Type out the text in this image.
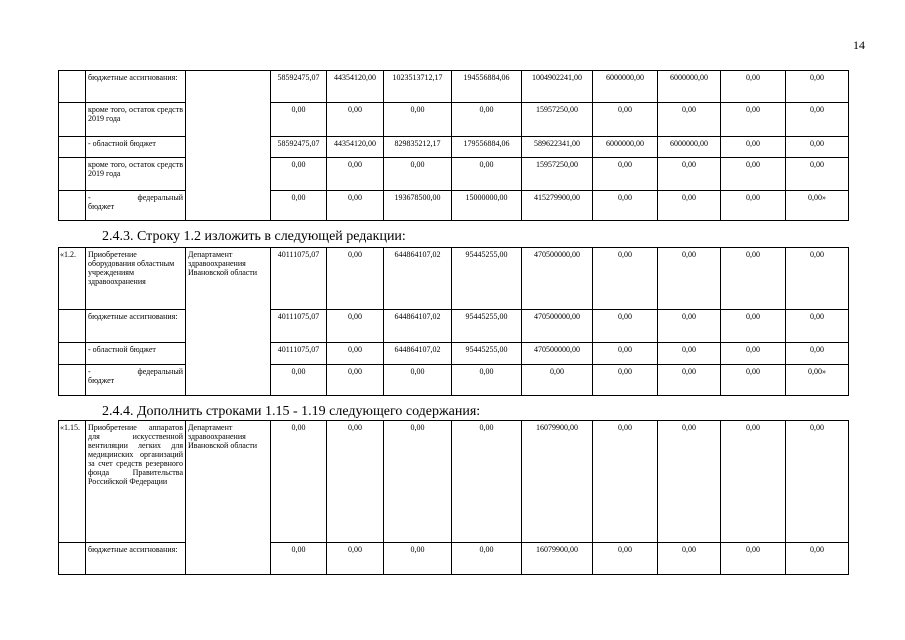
14
	бюджетные ассигнования:		58592475,07	44354120,00	1023513712,17	194556884,06	1004902241,00	6000000,00	6000000,00	0,00	0,00
	кроме того, остаток средств 2019 года		0,00	0,00	0,00	0,00	15957250,00	0,00	0,00	0,00	0,00
	- областной бюджет		58592475,07	44354120,00	829835212,17	179556884,06	589622341,00	6000000,00	6000000,00	0,00	0,00
	кроме того, остаток средств 2019 года		0,00	0,00	0,00	0,00	15957250,00	0,00	0,00	0,00	0,00

	- федеральный
бюджет		0,00	0,00	193678500,00	15000000,00	415279900,00	0,00	0,00	0,00	0,00»
2.4.3. Строку 1.2 изложить в следующей редакции:
«1.2.	Приобретение оборудования областным учреждениям здравоохранения	Департамент здравоохранения Ивановской области	40111075,07	0,00	644864107,02	95445255,00	470500000,00	0,00	0,00	0,00	0,00
	бюджетные ассигнования:		40111075,07	0,00	644864107,02	95445255,00	470500000,00	0,00	0,00	0,00	0,00
	- областной бюджет		40111075,07	0,00	644864107,02	95445255,00	470500000,00	0,00	0,00	0,00	0,00

	- федеральный
бюджет		0,00	0,00	0,00	0,00	0,00	0,00	0,00	0,00	0,00»
2.4.4. Дополнить строками 1.15 - 1.19 следующего содержания:
«1.15.	Приобретение аппаратов для искусственной вентиляции легких для медицинских организаций за счет средств резервного фонда Правительства Российской Федерации	Департамент здравоохранения Ивановской области	0,00	0,00	0,00	0,00	16079900,00	0,00	0,00	0,00	0,00
	бюджетные ассигнования:		0,00	0,00	0,00	0,00	16079900,00	0,00	0,00	0,00	0,00
